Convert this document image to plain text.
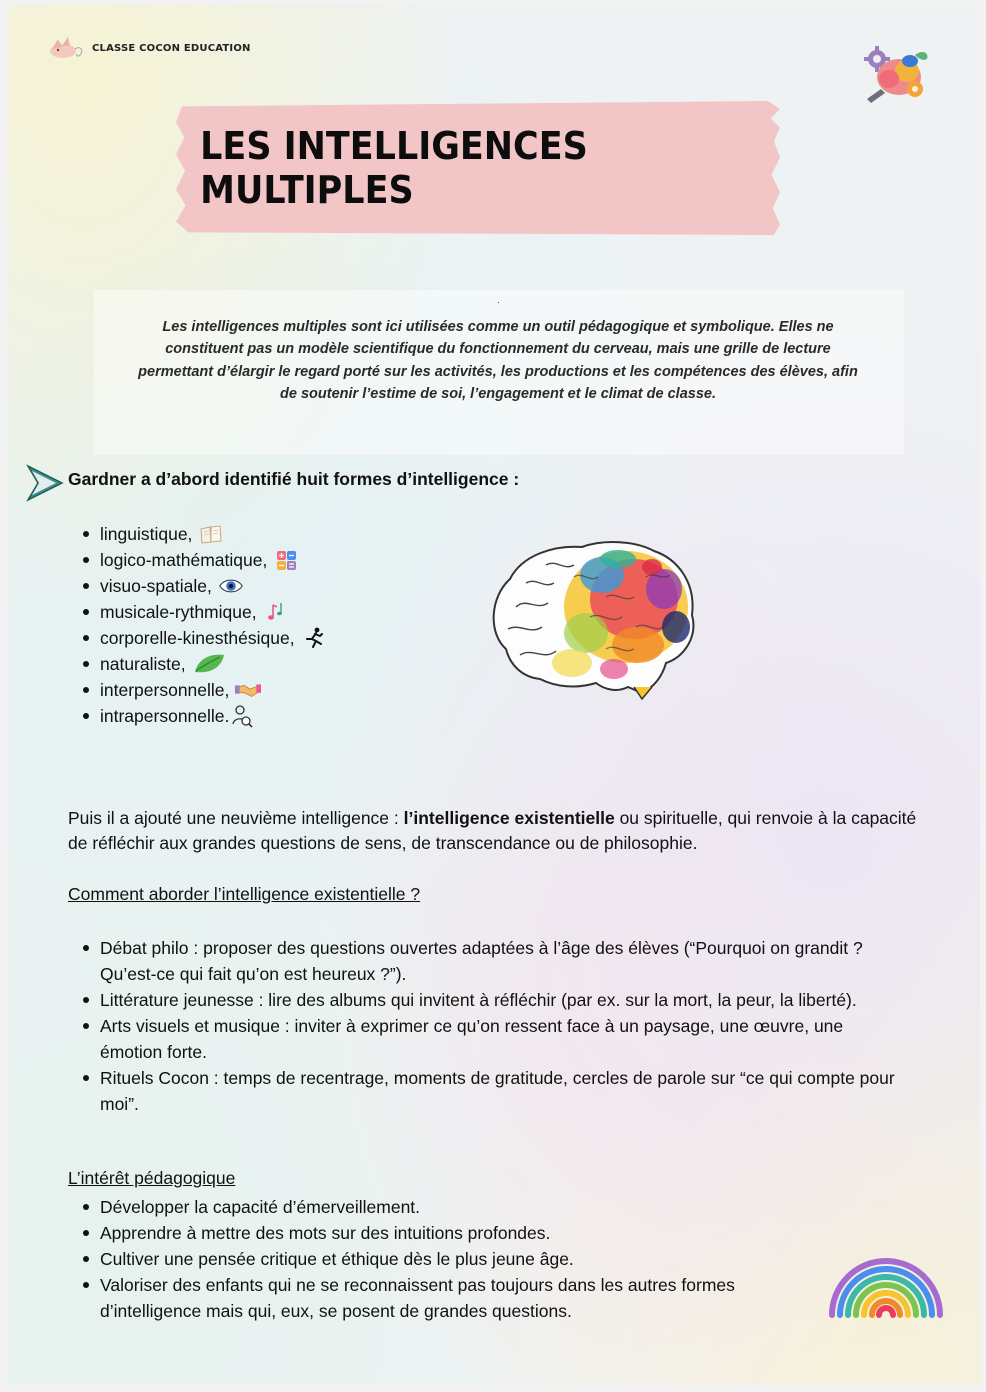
CLASSE COCON EDUCATION
LES INTELLIGENCES MULTIPLES
.
Les intelligences multiples sont ici utilisées comme un outil pédagogique et symbolique. Elles ne constituent pas un modèle scientifique du fonctionnement du cerveau, mais une grille de lecture permettant d’élargir le regard porté sur les activités, les productions et les compétences des élèves, afin de soutenir l’estime de soi, l’engagement et le climat de classe.
Gardner a d’abord identifié huit formes d’intelligence :
linguistique,
logico-mathématique,
visuo-spatiale,
musicale-rythmique,
corporelle-kinesthésique,
naturaliste,
interpersonnelle,
intrapersonnelle.
Puis il a ajouté une neuvième intelligence : l’intelligence existentielle ou spirituelle, qui renvoie à la capacité de réfléchir aux grandes questions de sens, de transcendance ou de philosophie.
Comment aborder l’intelligence existentielle ?
Débat philo : proposer des questions ouvertes adaptées à l’âge des élèves (“Pourquoi on grandit ? Qu’est-ce qui fait qu’on est heureux ?”).
Littérature jeunesse : lire des albums qui invitent à réfléchir (par ex. sur la mort, la peur, la liberté).
Arts visuels et musique : inviter à exprimer ce qu’on ressent face à un paysage, une œuvre, une émotion forte.
Rituels Cocon : temps de recentrage, moments de gratitude, cercles de parole sur “ce qui compte pour moi”.
L’intérêt pédagogique
Développer la capacité d’émerveillement.
Apprendre à mettre des mots sur des intuitions profondes.
Cultiver une pensée critique et éthique dès le plus jeune âge.
Valoriser des enfants qui ne se reconnaissent pas toujours dans les autres formes d’intelligence mais qui, eux, se posent de grandes questions.
